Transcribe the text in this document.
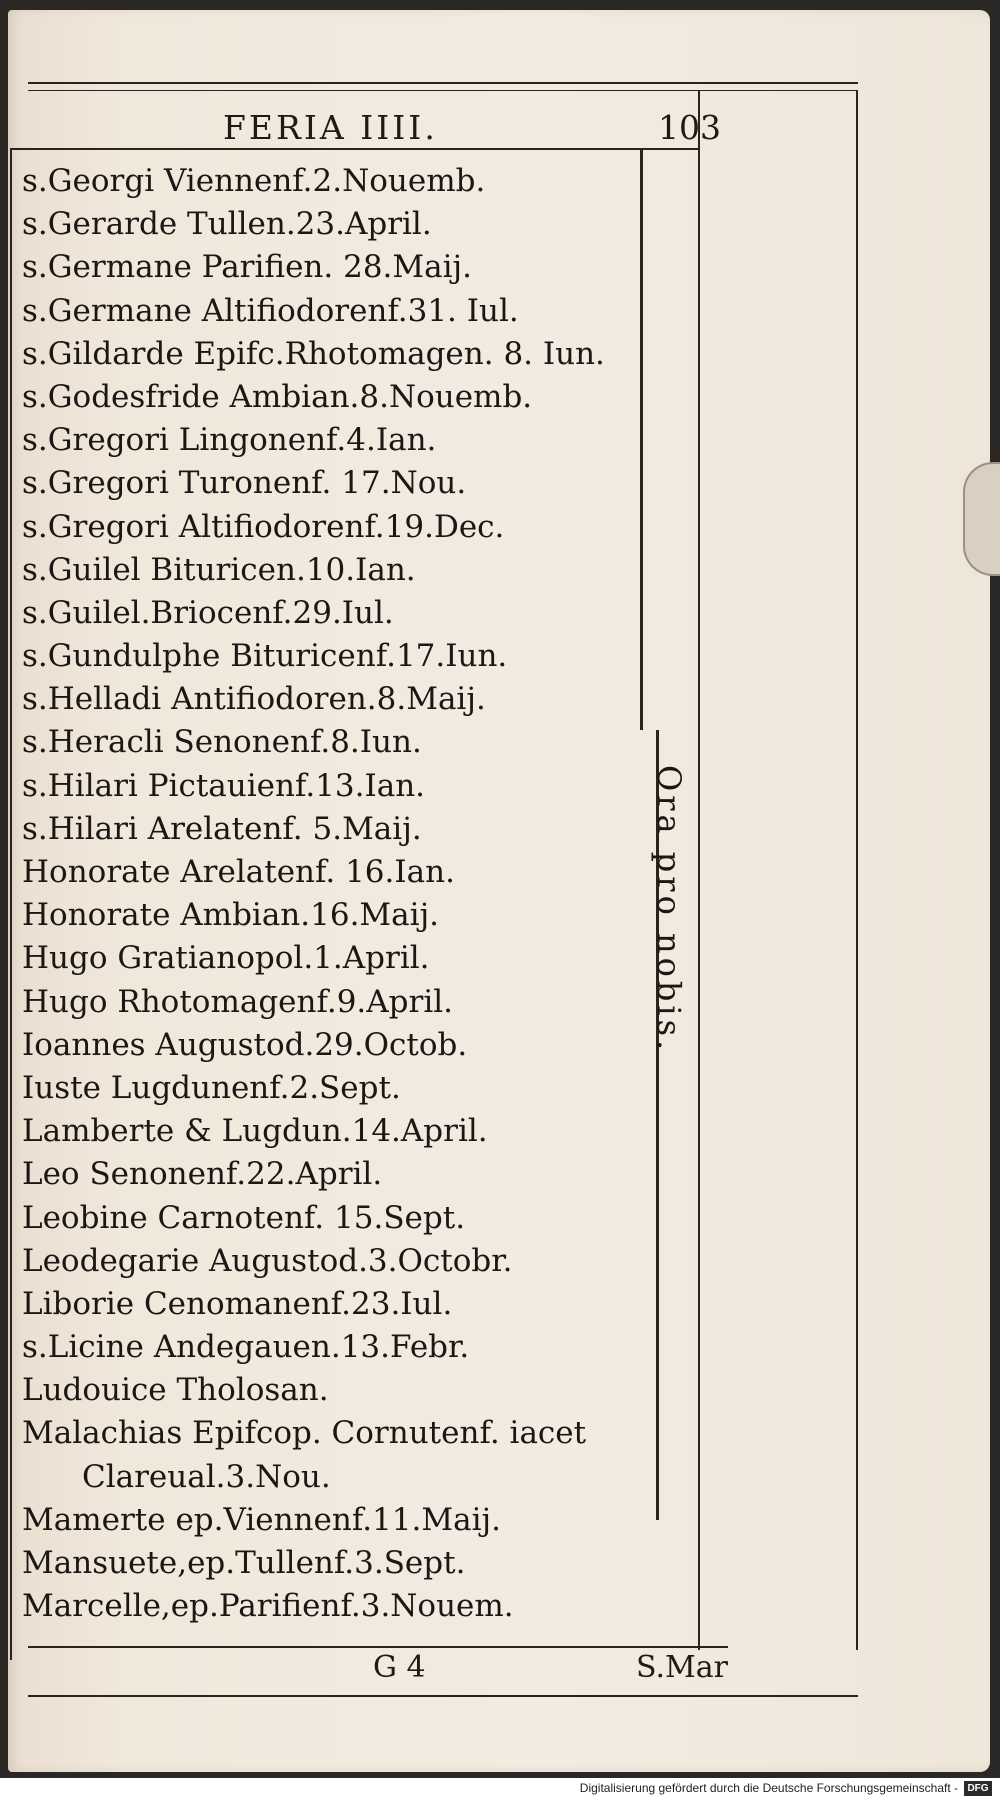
FERIA IIII.	103
s.Georgi Viennenf.2.Nouemb.
s.Gerarde Tullen.23.April.
s.Germane Parifien. 28.Maij.
s.Germane Altifiodorenf.31. Iul.
s.Gildarde Epifc.Rhotomagen. 8. Iun.
s.Godesfride Ambian.8.Nouemb.
s.Gregori Lingonenf.4.Ian.
s.Gregori Turonenf. 17.Nou.
s.Gregori Altifiodorenf.19.Dec.
s.Guilel Bituricen.10.Ian.
s.Guilel.Briocenf.29.Iul.
s.Gundulphe Bituricenf.17.Iun.
s.Helladi Antifiodoren.8.Maij.
s.Heracli Senonenf.8.Iun.
s.Hilari Pictauienf.13.Ian.
s.Hilari Arelatenf. 5.Maij.
Honorate Arelatenf. 16.Ian.
Honorate Ambian.16.Maij.
Hugo Gratianopol.1.April.
Hugo Rhotomagenf.9.April.
Ioannes Augustod.29.Octob.
Iuste Lugdunenf.2.Sept.
Lamberte & Lugdun.14.April.
Leo Senonenf.22.April.
Leobine Carnotenf. 15.Sept.
Leodegarie Augustod.3.Octobr.
Liborie Cenomanenf.23.Iul.
s.Licine Andegauen.13.Febr.
Ludouice Tholosan.
Malachias Epifcop. Cornutenf. iacet
Clareual.3.Nou.
Mamerte ep.Viennenf.11.Maij.
Mansuete,ep.Tullenf.3.Sept.
Marcelle,ep.Parifienf.3.Nouem.
Ora pro nobis.
G 4	S.Mar
Digitalisierung gefördert durch die Deutsche Forschungsgemeinschaft - DFG
